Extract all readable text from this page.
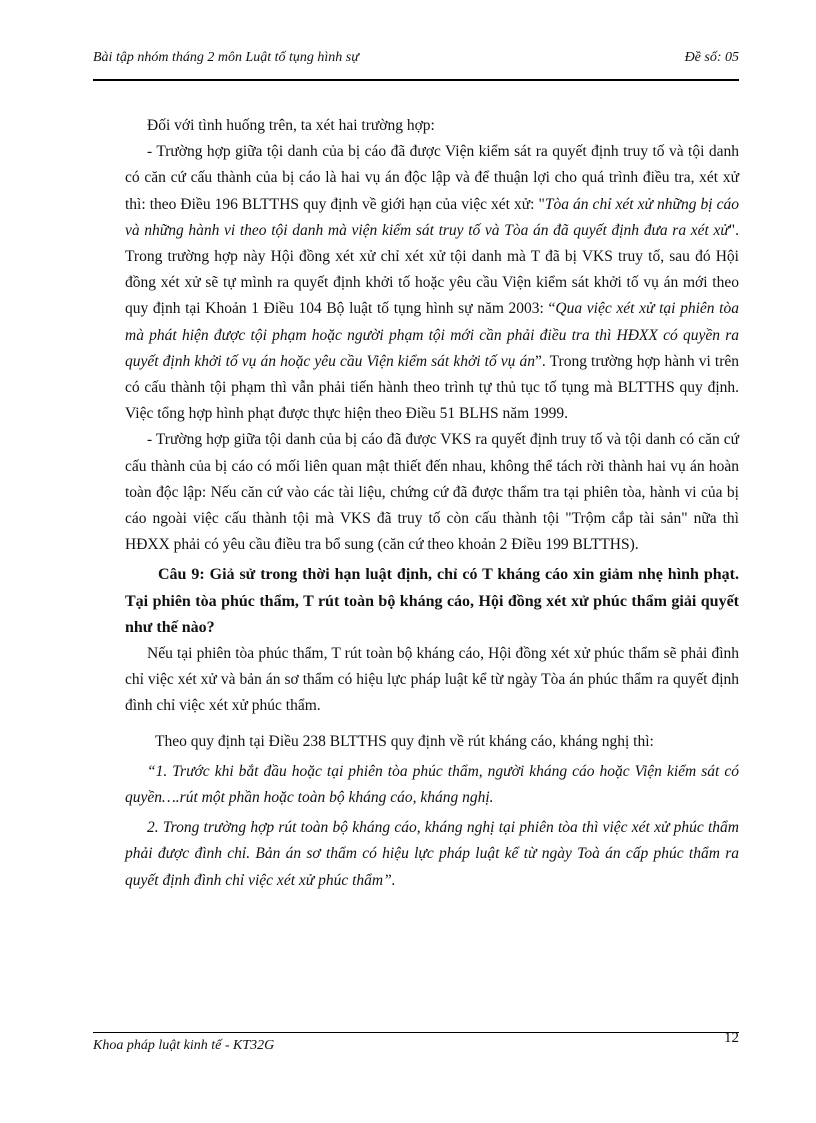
Bài tập nhóm tháng 2 môn Luật tố tụng hình sự	Đề số: 05

Đối với tình huống trên, ta xét hai trường hợp:

- Trường hợp giữa tội danh của bị cáo đã được Viện kiểm sát ra quyết định truy tố và tội danh có căn cứ cấu thành của bị cáo là hai vụ án độc lập và để thuận lợi cho quá trình điều tra, xét xử thì: theo Điều 196 BLTTHS quy định về giới hạn của việc xét xử: "Tòa án chỉ xét xử những bị cáo và những hành vi theo tội danh mà viện kiểm sát truy tố và Tòa án đã quyết định đưa ra xét xử". Trong trường hợp này Hội đồng xét xử chỉ xét xử tội danh mà T đã bị VKS truy tố, sau đó Hội đồng xét xử sẽ tự mình ra quyết định khởi tố hoặc yêu cầu Viện kiểm sát khởi tố vụ án mới theo quy định tại Khoản 1 Điều 104 Bộ luật tố tụng hình sự năm 2003: “Qua việc xét xử tại phiên tòa mà phát hiện được tội phạm hoặc người phạm tội mới cần phải điều tra thì HĐXX có quyền ra quyết định khởi tố vụ án hoặc yêu cầu Viện kiểm sát khởi tố vụ án”. Trong trường hợp hành vi trên có cấu thành tội phạm thì vẫn phải tiến hành theo trình tự thủ tục tố tụng mà BLTTHS quy định. Việc tổng hợp hình phạt được thực hiện theo Điều 51 BLHS năm 1999.

- Trường hợp giữa tội danh của bị cáo đã được VKS ra quyết định truy tố và tội danh có căn cứ cấu thành của bị cáo có mối liên quan mật thiết đến nhau, không thể tách rời thành hai vụ án hoàn toàn độc lập: Nếu căn cứ vào các tài liệu, chứng cứ đã được thẩm tra tại phiên tòa, hành vi của bị cáo ngoài việc cấu thành tội mà VKS đã truy tố còn cấu thành tội "Trộm cắp tài sản" nữa thì HĐXX phải có yêu cầu điều tra bổ sung (căn cứ theo khoản 2 Điều 199 BLTTHS).

Câu 9: Giả sử trong thời hạn luật định, chỉ có T kháng cáo xin giảm nhẹ hình phạt. Tại phiên tòa phúc thẩm, T rút toàn bộ kháng cáo, Hội đồng xét xử phúc thẩm giải quyết như thế nào?

Nếu tại phiên tòa phúc thẩm, T rút toàn bộ kháng cáo, Hội đồng xét xử phúc thẩm sẽ phải đình chỉ việc xét xử và bản án sơ thẩm có hiệu lực pháp luật kể từ ngày Tòa án phúc thẩm ra quyết định đình chỉ việc xét xử phúc thẩm.

Theo quy định tại Điều 238 BLTTHS quy định về rút kháng cáo, kháng nghị thì:

“1. Trước khi bắt đầu hoặc tại phiên tòa phúc thẩm, người kháng cáo hoặc Viện kiểm sát có quyền….rút một phần hoặc toàn bộ kháng cáo, kháng nghị.

2. Trong trường hợp rút toàn bộ kháng cáo, kháng nghị tại phiên tòa thì việc xét xử phúc thẩm phải được đình chỉ. Bản án sơ thẩm có hiệu lực pháp luật kể từ ngày Toà án cấp phúc thẩm ra quyết định đình chỉ việc xét xử phúc thẩm”.

Khoa pháp luật kinh tế - KT32G	12
